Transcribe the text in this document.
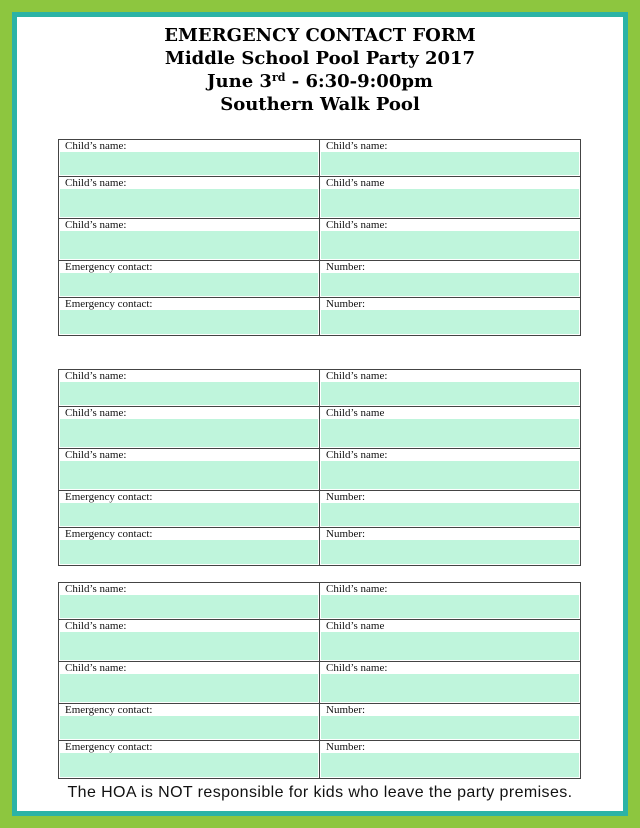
EMERGENCY CONTACT FORM
Middle School Pool Party 2017
June 3rd - 6:30-9:00pm
Southern Walk Pool
Child’s name:	Child’s name:
Child’s name:	Child’s name
Child’s name:	Child’s name:
Emergency contact:	Number:
Emergency contact:	Number:
Child’s name:	Child’s name:
Child’s name:	Child’s name
Child’s name:	Child’s name:
Emergency contact:	Number:
Emergency contact:	Number:
Child’s name:	Child’s name:
Child’s name:	Child’s name
Child’s name:	Child’s name:
Emergency contact:	Number:
Emergency contact:	Number:
The HOA is NOT responsible for kids who leave the party premises.
